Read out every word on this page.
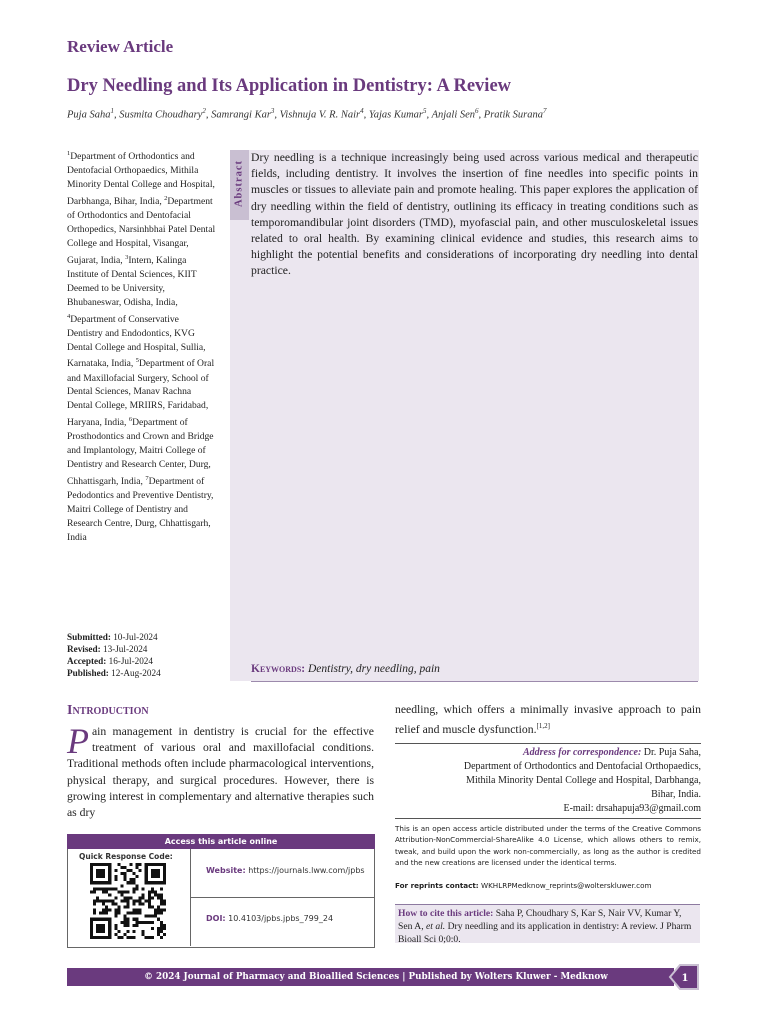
Review Article
Dry Needling and Its Application in Dentistry: A Review
Puja Saha$^1$, Susmita Choudhary$^2$, Samrangi Kar$^3$, Vishnuja V. R. Nair$^4$, Yajas Kumar$^5$, Anjali Sen$^6$, Pratik Surana$^7$
$^1$Department of Orthodontics and Dentofacial Orthopaedics, Mithila Minority Dental College and Hospital, Darbhanga, Bihar, India, $^2$Department of Orthodontics and Dentofacial Orthopedics, Narsinhbhai Patel Dental College and Hospital, Visangar, Gujarat, India, $^3$Intern, Kalinga Institute of Dental Sciences, KIIT Deemed to be University, Bhubaneswar, Odisha, India, $^4$Department of Conservative Dentistry and Endodontics, KVG Dental College and Hospital, Sullia, Karnataka, India, $^5$Department of Oral and Maxillofacial Surgery, School of Dental Sciences, Manav Rachna Dental College, MRIIRS, Faridabad, Haryana, India, $^6$Department of Prosthodontics and Crown and Bridge and Implantology, Maitri College of Dentistry and Research Center, Durg, Chhattisgarh, India, $^7$Department of Pedodontics and Preventive Dentistry, Maitri College of Dentistry and Research Centre, Durg, Chhattisgarh, India
Submitted: 10-Jul-2024
Revised: 13-Jul-2024
Accepted: 16-Jul-2024
Published: 12-Aug-2024
Abstract
Dry needling is a technique increasingly being used across various medical and therapeutic fields, including dentistry. It involves the insertion of fine needles into specific points in muscles or tissues to alleviate pain and promote healing. This paper explores the application of dry needling within the field of dentistry, outlining its efficacy in treating conditions such as temporomandibular joint disorders (TMD), myofascial pain, and other musculoskeletal issues related to oral health. By examining clinical evidence and studies, this research aims to highlight the potential benefits and considerations of incorporating dry needling into dental practice.
Keywords: Dentistry, dry needling, pain
Introduction
Pain management in dentistry is crucial for the effective treatment of various oral and maxillofacial conditions. Traditional methods often include pharmacological interventions, physical therapy, and surgical procedures. However, there is growing interest in complementary and alternative therapies such as dry
needling, which offers a minimally invasive approach to pain relief and muscle dysfunction.[1,2]
Address for correspondence: Dr. Puja Saha,
Department of Orthodontics and Dentofacial Orthopaedics,
Mithila Minority Dental College and Hospital, Darbhanga,
Bihar, India.
E-mail: drsahapuja93@gmail.com
This is an open access article distributed under the terms of the Creative Commons Attribution-NonCommercial-ShareAlike 4.0 License, which allows others to remix, tweak, and build upon the work non-commercially, as long as the author is credited and the new creations are licensed under the identical terms.
For reprints contact: WKHLRPMedknow_reprints@wolterskluwer.com
How to cite this article: Saha P, Choudhary S, Kar S, Nair VV, Kumar Y, Sen A, et al. Dry needling and its application in dentistry: A review. J Pharm Bioall Sci 0;0:0.
Access this article online
Quick Response Code:
Website: https://journals.lww.com/jpbs
DOI: 10.4103/jpbs.jpbs_799_24
© 2024 Journal of Pharmacy and Bioallied Sciences | Published by Wolters Kluwer - Medknow	1
